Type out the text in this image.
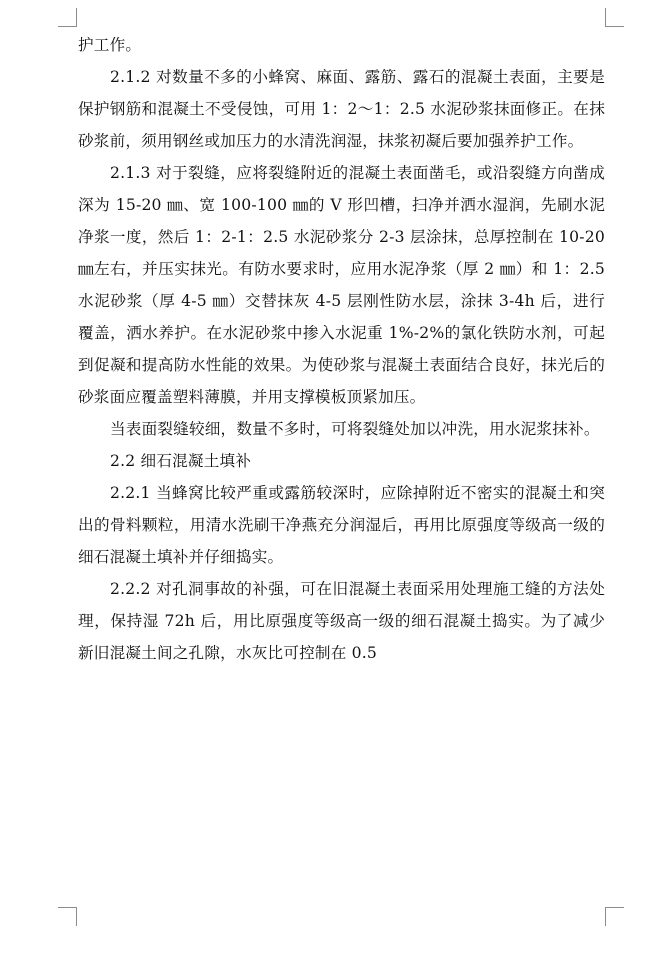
护工作。

2.1.2 对数量不多的小蜂窝、麻面、露筋、露石的混凝土表面，主要是保护钢筋和混凝土不受侵蚀，可用 1：2～1：2.5 水泥砂浆抹面修正。在抹砂浆前，须用钢丝或加压力的水清洗润湿，抹浆初凝后要加强养护工作。

2.1.3 对于裂缝，应将裂缝附近的混凝土表面凿毛，或沿裂缝方向凿成深为 15-20 ㎜、宽 100-100 ㎜的 V 形凹槽，扫净并洒水湿润，先刷水泥净浆一度，然后 1：2-1：2.5 水泥砂浆分 2-3 层涂抹，总厚控制在 10-20 ㎜左右，并压实抹光。有防水要求时，应用水泥净浆（厚 2 ㎜）和 1：2.5 水泥砂浆（厚 4-5 ㎜）交替抹灰 4-5 层刚性防水层，涂抹 3-4h 后，进行覆盖，洒水养护。在水泥砂浆中掺入水泥重 1%-2%的氯化铁防水剂，可起到促凝和提高防水性能的效果。为使砂浆与混凝土表面结合良好，抹光后的砂浆面应覆盖塑料薄膜，并用支撑模板顶紧加压。

当表面裂缝较细，数量不多时，可将裂缝处加以冲洗，用水泥浆抹补。

2.2 细石混凝土填补

2.2.1 当蜂窝比较严重或露筋较深时，应除掉附近不密实的混凝土和突出的骨料颗粒，用清水洗刷干净燕充分润湿后，再用比原强度等级高一级的细石混凝土填补并仔细捣实。

2.2.2 对孔洞事故的补强，可在旧混凝土表面采用处理施工缝的方法处理，保持湿 72h 后，用比原强度等级高一级的细石混凝土捣实。为了减少新旧混凝土间之孔隙，水灰比可控制在 0.5
